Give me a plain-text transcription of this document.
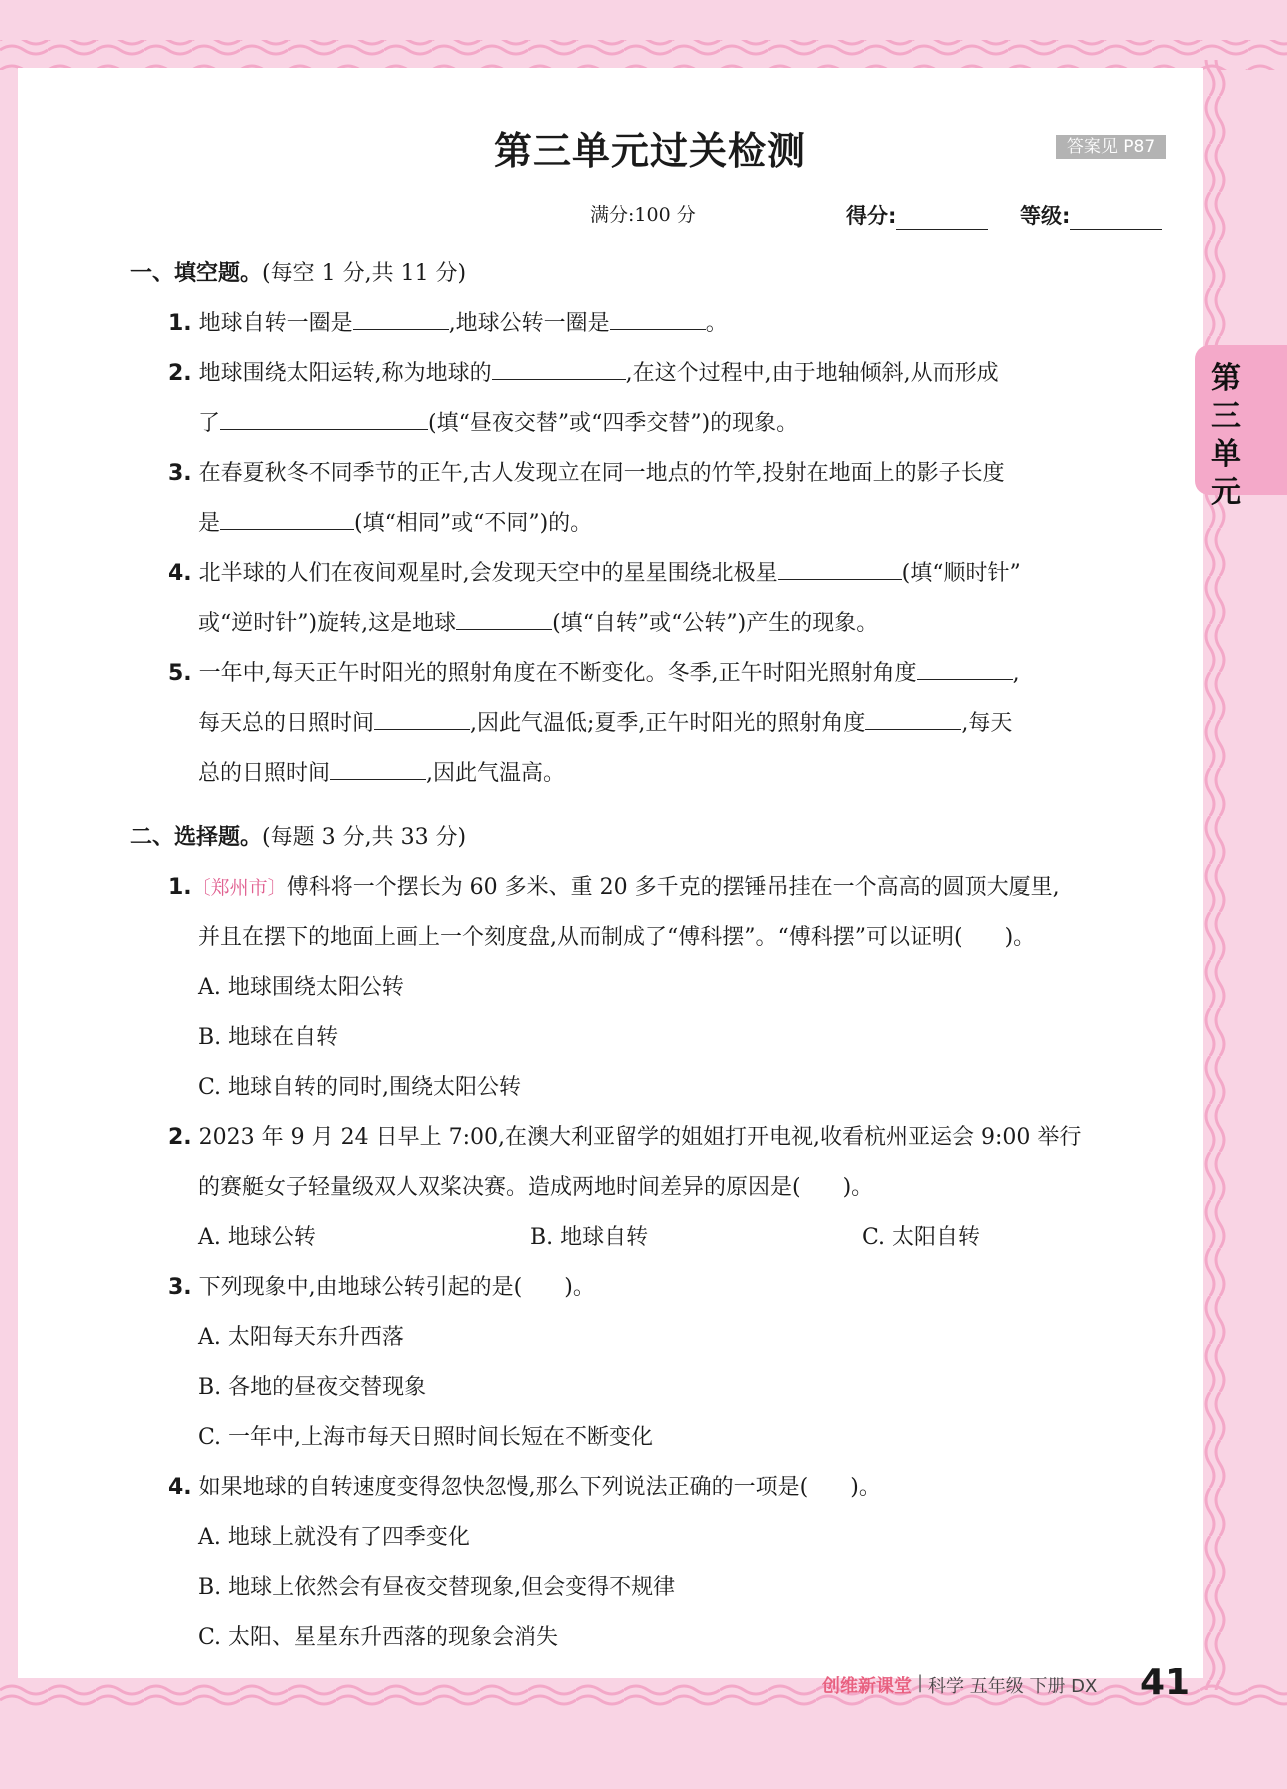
第三单元过关检测	答案见 P87
满分:100 分	得分:	等级:
第
三
单
元
一、填空题。(每空 1 分,共 11 分)
1. 地球自转一圈是	,地球公转一圈是	。
2. 地球围绕太阳运转,称为地球的	,在这个过程中,由于地轴倾斜,从而形成
了	(填“昼夜交替”或“四季交替”)的现象。
3. 在春夏秋冬不同季节的正午,古人发现立在同一地点的竹竿,投射在地面上的影子长度
是	(填“相同”或“不同”)的。
4. 北半球的人们在夜间观星时,会发现天空中的星星围绕北极星	(填“顺时针”
或“逆时针”)旋转,这是地球	(填“自转”或“公转”)产生的现象。
5. 一年中,每天正午时阳光的照射角度在不断变化。冬季,正午时阳光照射角度	,
每天总的日照时间	,因此气温低;夏季,正午时阳光的照射角度	,每天
总的日照时间	,因此气温高。
二、选择题。(每题 3 分,共 33 分)
1.〔郑州市〕傅科将一个摆长为 60 多米、重 20 多千克的摆锤吊挂在一个高高的圆顶大厦里,
并且在摆下的地面上画上一个刻度盘,从而制成了“傅科摆”。“傅科摆”可以证明( )。
A. 地球围绕太阳公转
B. 地球在自转
C. 地球自转的同时,围绕太阳公转
2. 2023 年 9 月 24 日早上 7:00,在澳大利亚留学的姐姐打开电视,收看杭州亚运会 9:00 举行
的赛艇女子轻量级双人双桨决赛。造成两地时间差异的原因是( )。
A. 地球公转	B. 地球自转	C. 太阳自转
3. 下列现象中,由地球公转引起的是( )。
A. 太阳每天东升西落
B. 各地的昼夜交替现象
C. 一年中,上海市每天日照时间长短在不断变化
4. 如果地球的自转速度变得忽快忽慢,那么下列说法正确的一项是( )。
A. 地球上就没有了四季变化
B. 地球上依然会有昼夜交替现象,但会变得不规律
C. 太阳、星星东升西落的现象会消失
创维新课堂 | 科学 五年级 下册 DX 41
